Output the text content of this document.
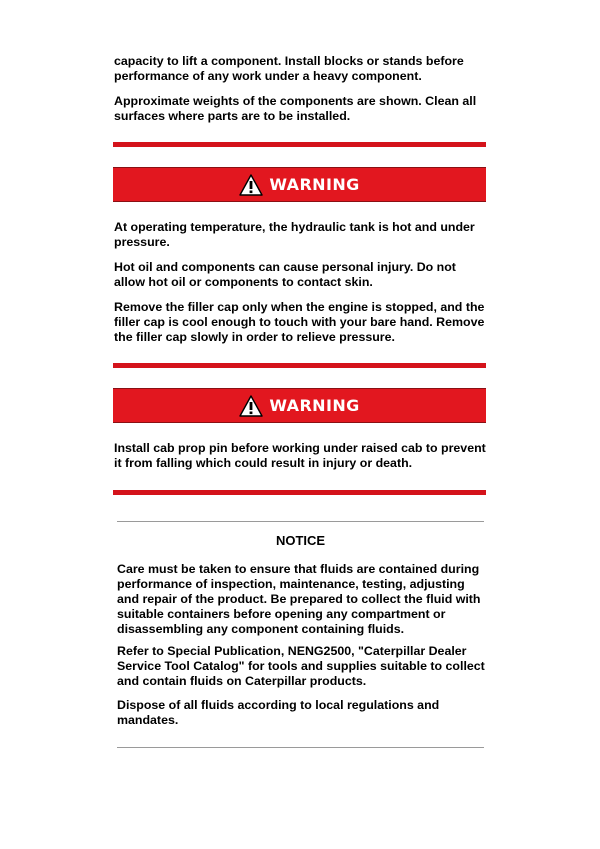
capacity to lift a component. Install blocks or stands before performance of any work under a heavy component.

Approximate weights of the components are shown. Clean all surfaces where parts are to be installed.

WARNING

At operating temperature, the hydraulic tank is hot and under pressure.

Hot oil and components can cause personal injury. Do not allow hot oil or components to contact skin.

Remove the filler cap only when the engine is stopped, and the filler cap is cool enough to touch with your bare hand. Remove the filler cap slowly in order to relieve pressure.

WARNING

Install cab prop pin before working under raised cab to prevent it from falling which could result in injury or death.

NOTICE

Care must be taken to ensure that fluids are contained during performance of inspection, maintenance, testing, adjusting and repair of the product. Be prepared to collect the fluid with suitable containers before opening any compartment or disassembling any component containing fluids.

Refer to Special Publication, NENG2500, "Caterpillar Dealer Service Tool Catalog" for tools and supplies suitable to collect and contain fluids on Caterpillar products.

Dispose of all fluids according to local regulations and mandates.
